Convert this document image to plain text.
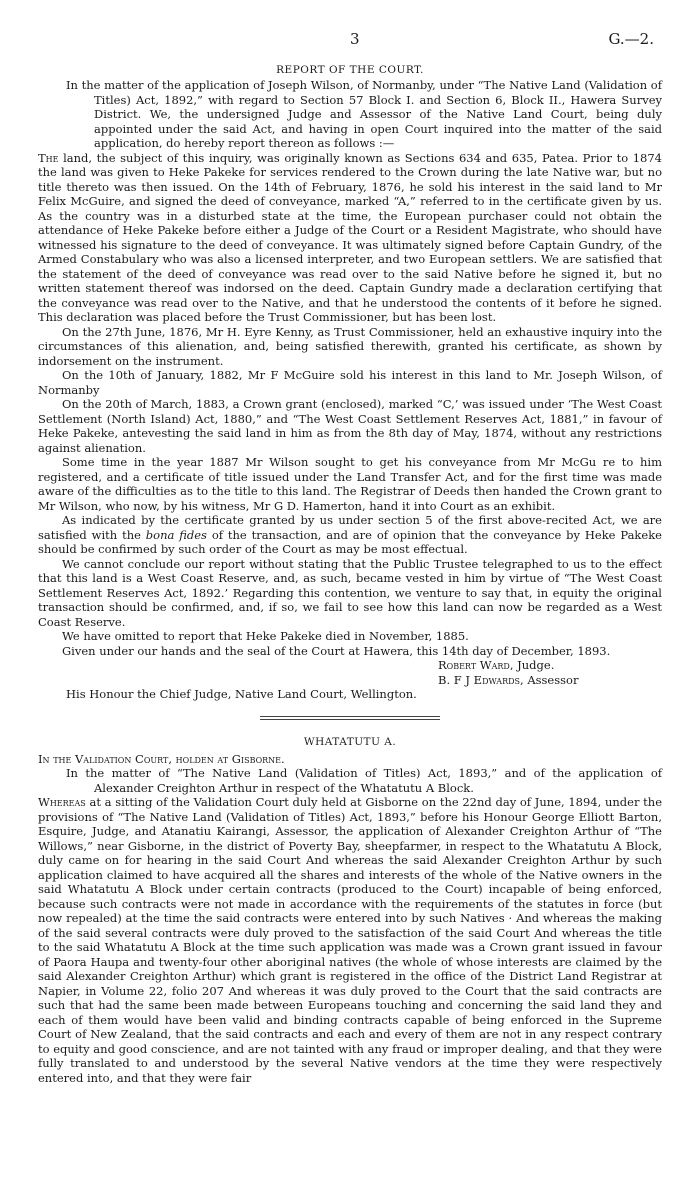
3	G.—2.
REPORT OF THE COURT.

In the matter of the application of Joseph Wilson, of Normanby, under “The Native Land (Validation of Titles) Act, 1892,” with regard to Section 57 Block I. and Section 6, Block II., Hawera Survey District. We, the undersigned Judge and Assessor of the Native Land Court, being duly appointed under the said Act, and having in open Court inquired into the matter of the said application, do hereby report thereon as follows :—

The land, the subject of this inquiry, was originally known as Sections 634 and 635, Patea. Prior to 1874 the land was given to Heke Pakeke for services rendered to the Crown during the late Native war, but no title thereto was then issued. On the 14th of February, 1876, he sold his interest in the said land to Mr Felix McGuire, and signed the deed of conveyance, marked “A,” referred to in the certificate given by us. As the country was in a disturbed state at the time, the European purchaser could not obtain the attendance of Heke Pakeke before either a Judge of the Court or a Resident Magistrate, who should have witnessed his signature to the deed of conveyance. It was ultimately signed before Captain Gundry, of the Armed Constabulary who was also a licensed interpreter, and two European settlers. We are satisfied that the statement of the deed of conveyance was read over to the said Native before he signed it, but no written statement thereof was indorsed on the deed. Captain Gundry made a declaration certifying that the conveyance was read over to the Native, and that he understood the contents of it before he signed. This declaration was placed before the Trust Commissioner, but has been lost.

On the 27th June, 1876, Mr H. Eyre Kenny, as Trust Commissioner, held an exhaustive inquiry into the circumstances of this alienation, and, being satisfied therewith, granted his certificate, as shown by indorsement on the instrument.

On the 10th of January, 1882, Mr F McGuire sold his interest in this land to Mr. Joseph Wilson, of Normanby

On the 20th of March, 1883, a Crown grant (enclosed), marked “C,’ was issued under ‘The West Coast Settlement (North Island) Act, 1880,” and “The West Coast Settlement Reserves Act, 1881,” in favour of Heke Pakeke, antevesting the said land in him as from the 8th day of May, 1874, without any restrictions against alienation.

Some time in the year 1887 Mr Wilson sought to get his conveyance from Mr McGu re to him registered, and a certificate of title issued under the Land Transfer Act, and for the first time was made aware of the difficulties as to the title to this land. The Registrar of Deeds then handed the Crown grant to Mr Wilson, who now, by his witness, Mr G D. Hamerton, hand it into Court as an exhibit.

As indicated by the certificate granted by us under section 5 of the first above-recited Act, we are satisfied with the bona fides of the transaction, and are of opinion that the conveyance by Heke Pakeke should be confirmed by such order of the Court as may be most effectual.

We cannot conclude our report without stating that the Public Trustee telegraphed to us to the effect that this land is a West Coast Reserve, and, as such, became vested in him by virtue of “The West Coast Settlement Reserves Act, 1892.’ Regarding this contention, we venture to say that, in equity the original transaction should be confirmed, and, if so, we fail to see how this land can now be regarded as a West Coast Reserve.

We have omitted to report that Heke Pakeke died in November, 1885.

Given under our hands and the seal of the Court at Hawera, this 14th day of December, 1893.

Robert Ward, Judge.
B. F J Edwards, Assessor

His Honour the Chief Judge, Native Land Court, Wellington.

WHATATUTU A.
In the Validation Court, holden at Gisborne.

In the matter of “The Native Land (Validation of Titles) Act, 1893,” and of the application of Alexander Creighton Arthur in respect of the Whatatutu A Block.

Whereas at a sitting of the Validation Court duly held at Gisborne on the 22nd day of June, 1894, under the provisions of “The Native Land (Validation of Titles) Act, 1893,” before his Honour George Elliott Barton, Esquire, Judge, and Atanatiu Kairangi, Assessor, the application of Alexander Creighton Arthur of “The Willows,” near Gisborne, in the district of Poverty Bay, sheepfarmer, in respect to the Whatatutu A Block, duly came on for hearing in the said Court And whereas the said Alexander Creighton Arthur by such application claimed to have acquired all the shares and interests of the whole of the Native owners in the said Whatatutu A Block under certain contracts (produced to the Court) incapable of being enforced, because such contracts were not made in accordance with the requirements of the statutes in force (but now repealed) at the time the said contracts were entered into by such Natives · And whereas the making of the said several contracts were duly proved to the satisfaction of the said Court And whereas the title to the said Whatatutu A Block at the time such application was made was a Crown grant issued in favour of Paora Haupa and twenty-four other aboriginal natives (the whole of whose interests are claimed by the said Alexander Creighton Arthur) which grant is registered in the office of the District Land Registrar at Napier, in Volume 22, folio 207 And whereas it was duly proved to the Court that the said contracts are such that had the same been made between Europeans touching and concerning the said land they and each of them would have been valid and binding contracts capable of being enforced in the Supreme Court of New Zealand, that the said contracts and each and every of them are not in any respect contrary to equity and good conscience, and are not tainted with any fraud or improper dealing, and that they were fully translated to and understood by the several Native vendors at the time they were respectively entered into, and that they were fair
